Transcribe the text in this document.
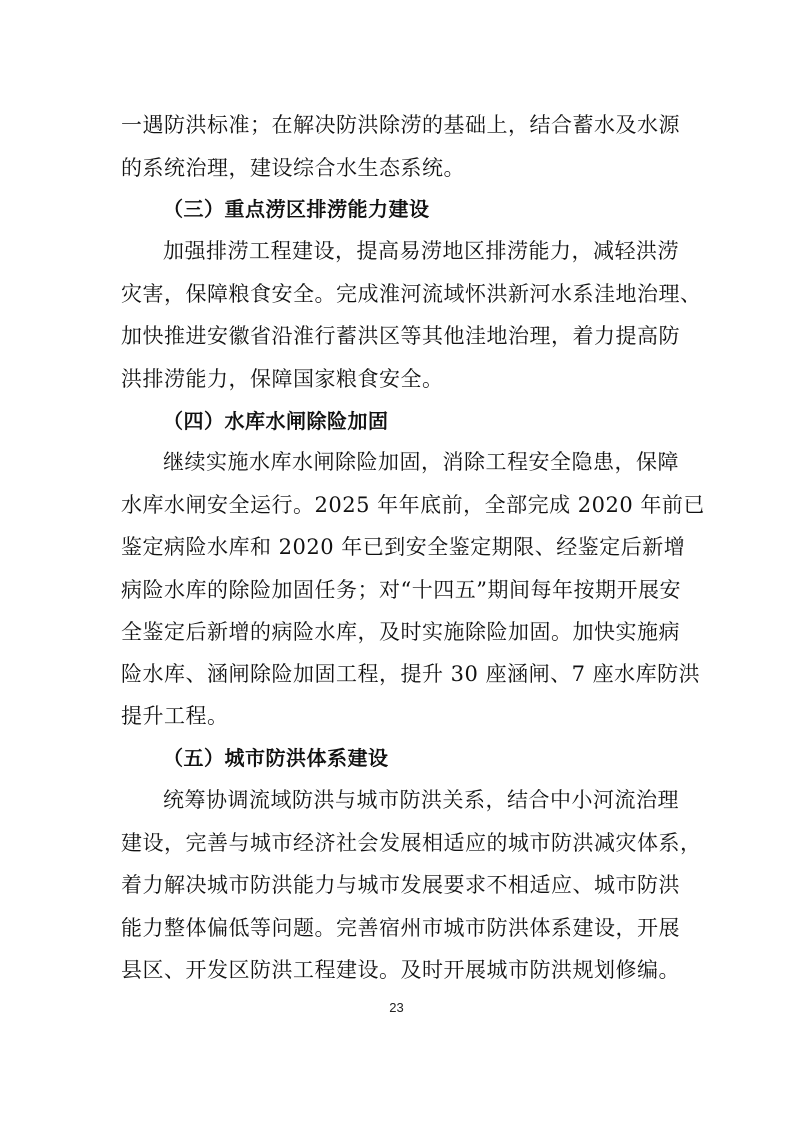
一遇防洪标准；在解决防洪除涝的基础上，结合蓄水及水源
的系统治理，建设综合水生态系统。
（三）重点涝区排涝能力建设
加强排涝工程建设，提高易涝地区排涝能力，减轻洪涝
灾害，保障粮食安全。完成淮河流域怀洪新河水系洼地治理、
加快推进安徽省沿淮行蓄洪区等其他洼地治理，着力提高防
洪排涝能力，保障国家粮食安全。
（四）水库水闸除险加固
继续实施水库水闸除险加固，消除工程安全隐患，保障
水库水闸安全运行。2025 年年底前，全部完成 2020 年前已
鉴定病险水库和 2020 年已到安全鉴定期限、经鉴定后新增
病险水库的除险加固任务；对“十四五”期间每年按期开展安
全鉴定后新增的病险水库，及时实施除险加固。加快实施病
险水库、涵闸除险加固工程，提升 30 座涵闸、7 座水库防洪
提升工程。
（五）城市防洪体系建设
统筹协调流域防洪与城市防洪关系，结合中小河流治理
建设，完善与城市经济社会发展相适应的城市防洪减灾体系，
着力解决城市防洪能力与城市发展要求不相适应、城市防洪
能力整体偏低等问题。完善宿州市城市防洪体系建设，开展
县区、开发区防洪工程建设。及时开展城市防洪规划修编。
23
